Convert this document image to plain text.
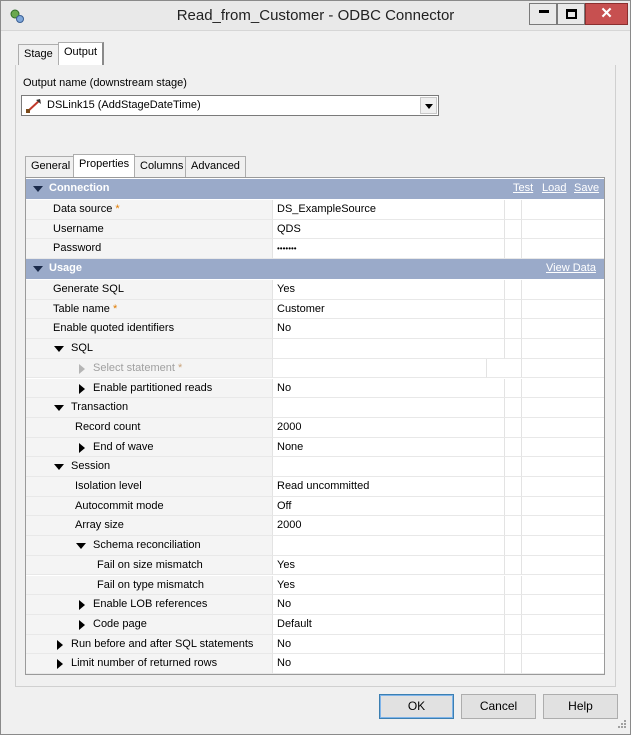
Read_from_Customer - ODBC Connector	✕
Stage	Output
Output name (downstream stage)
DSLink15 (AddStageDateTime)
General Properties Columns Advanced
Connection	Test Load Save
Data source *	DS_ExampleSource
Username	QDS
Password	•••••••
Usage	View Data
Generate SQL	Yes
Table name *	Customer
Enable quoted identifiers	No
SQL
Select statement *
Enable partitioned reads	No
Transaction
Record count	2000
End of wave	None
Session
Isolation level	Read uncommitted
Autocommit mode	Off
Array size	2000
Schema reconciliation
Fail on size mismatch	Yes
Fail on type mismatch	Yes
Enable LOB references	No
Code page	Default
Run before and after SQL statements No
Limit number of returned rows	No
OK	Cancel	Help
